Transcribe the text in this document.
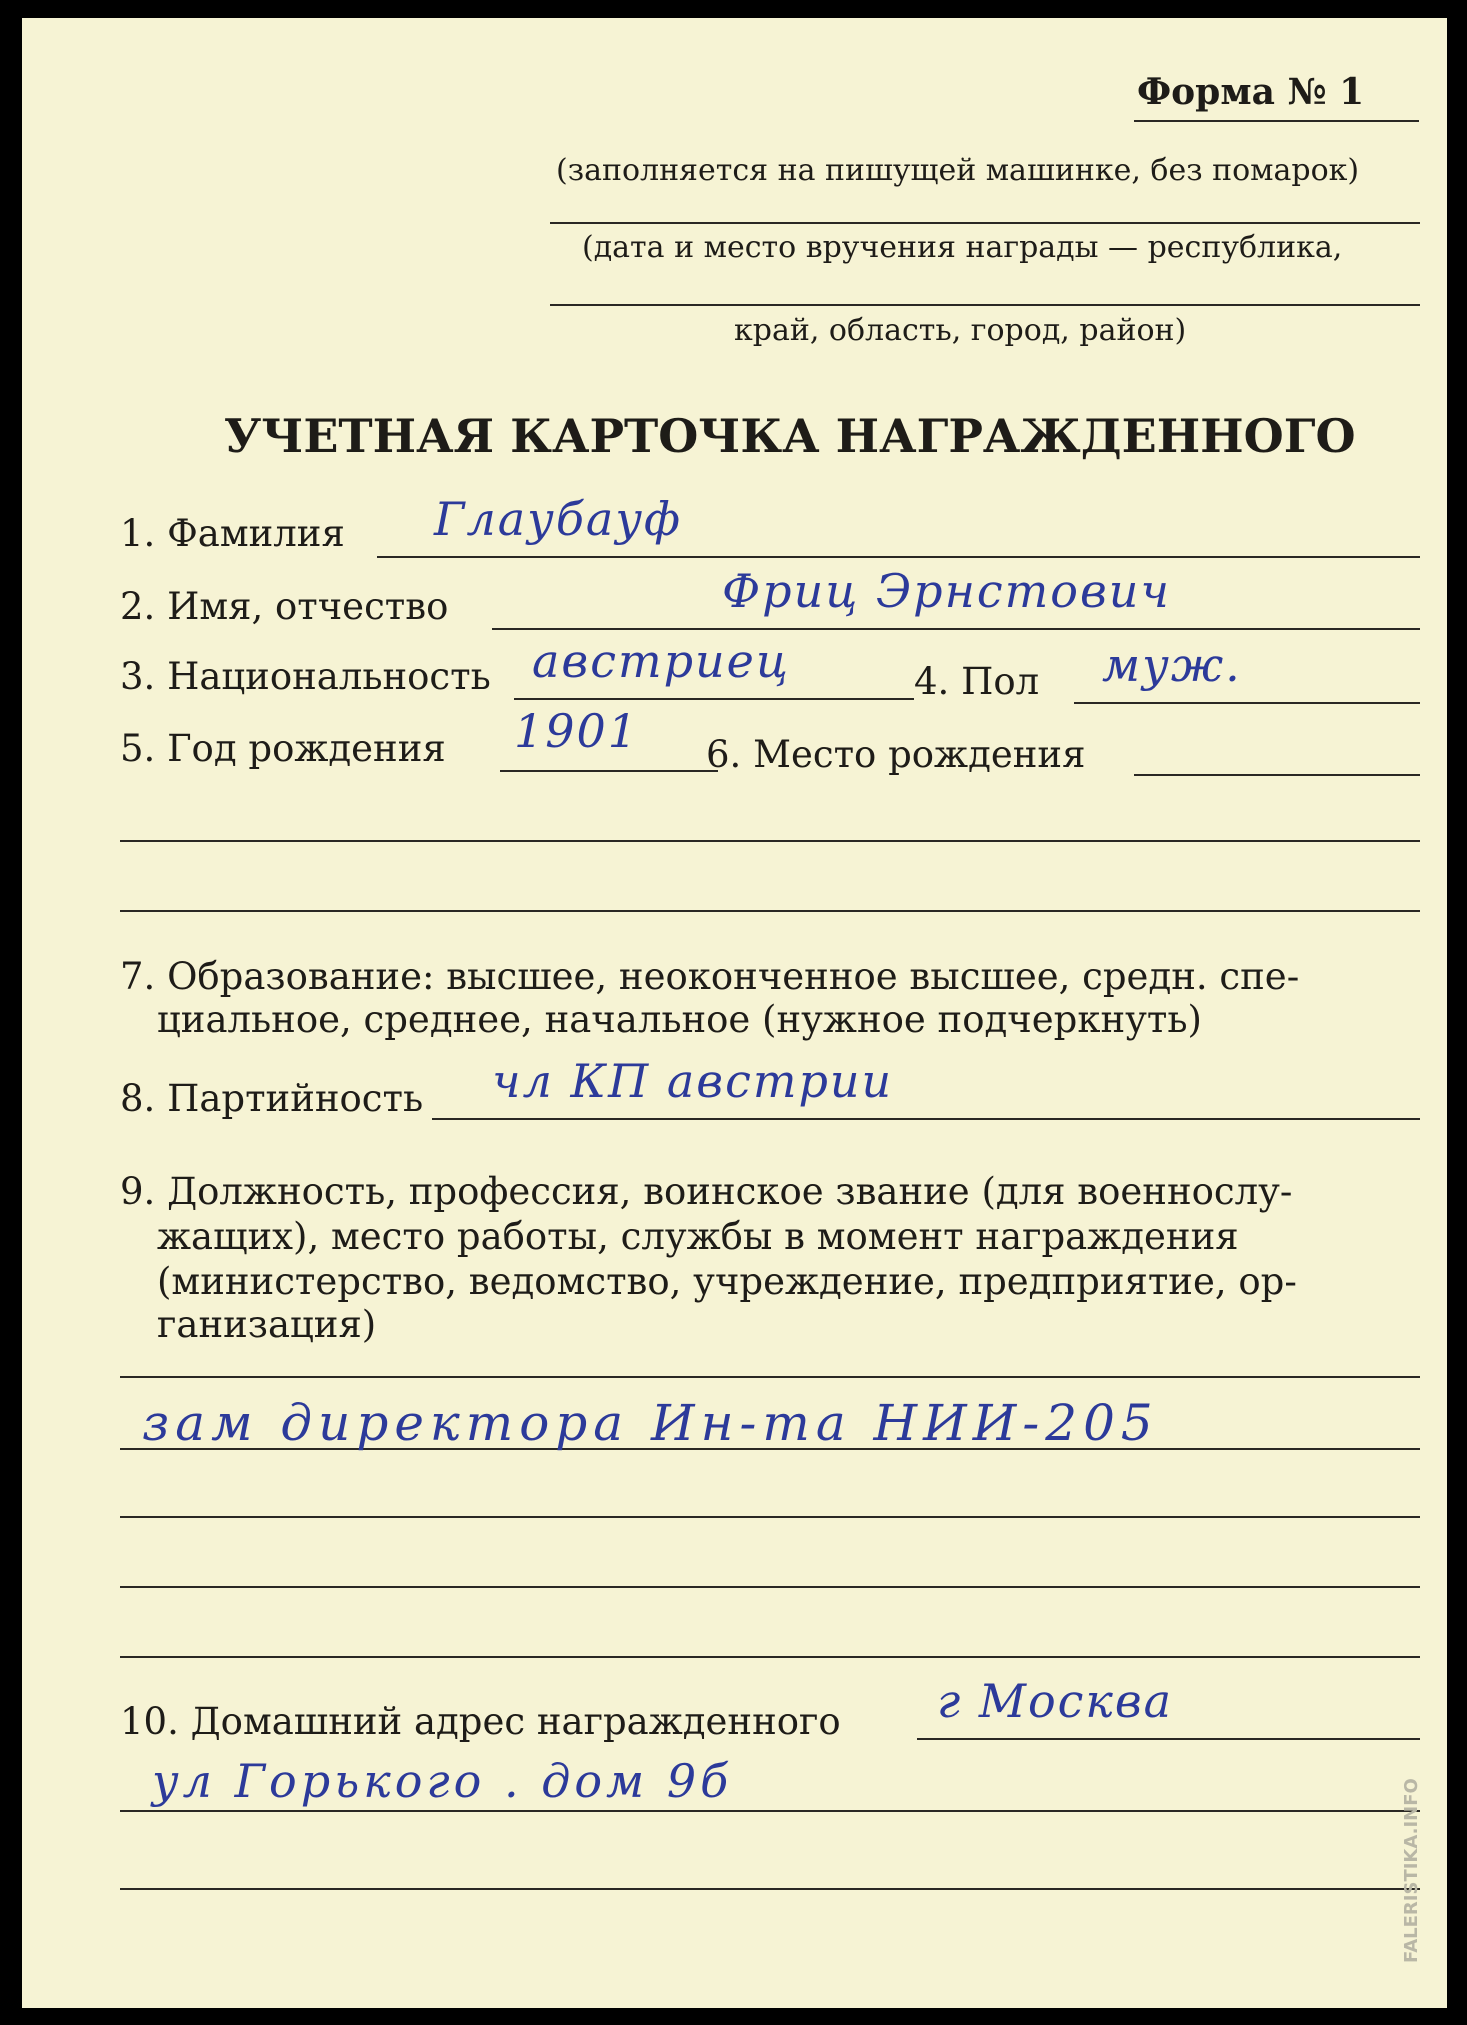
Форма № 1
(заполняется на пишущей машинке, без помарок)
(дата и место вручения награды — республика,
край, область, город, район)
УЧЕТНАЯ КАРТОЧКА НАГРАЖДЕННОГО
1. Фамилия Глаубауф
2. Имя, отчество	Фриц Эрнстович
3. Национальность австриец	4. Пол муж.
5. Год рождения 1901 6. Место рождения
7. Образование: высшее, неоконченное высшее, средн. спе-
циальное, среднее, начальное (нужное подчеркнуть)
8. Партийность чл КП австрии
9. Должность, профессия, воинское звание (для военнослу-
жащих), место работы, службы в момент награждения
(министерство, ведомство, учреждение, предприятие, ор-
ганизация)
зам директора Ин-та НИИ-205
10. Домашний адрес награжденного г Москва
ул Горького . дом 9б	FALERISTIKA.INFO
